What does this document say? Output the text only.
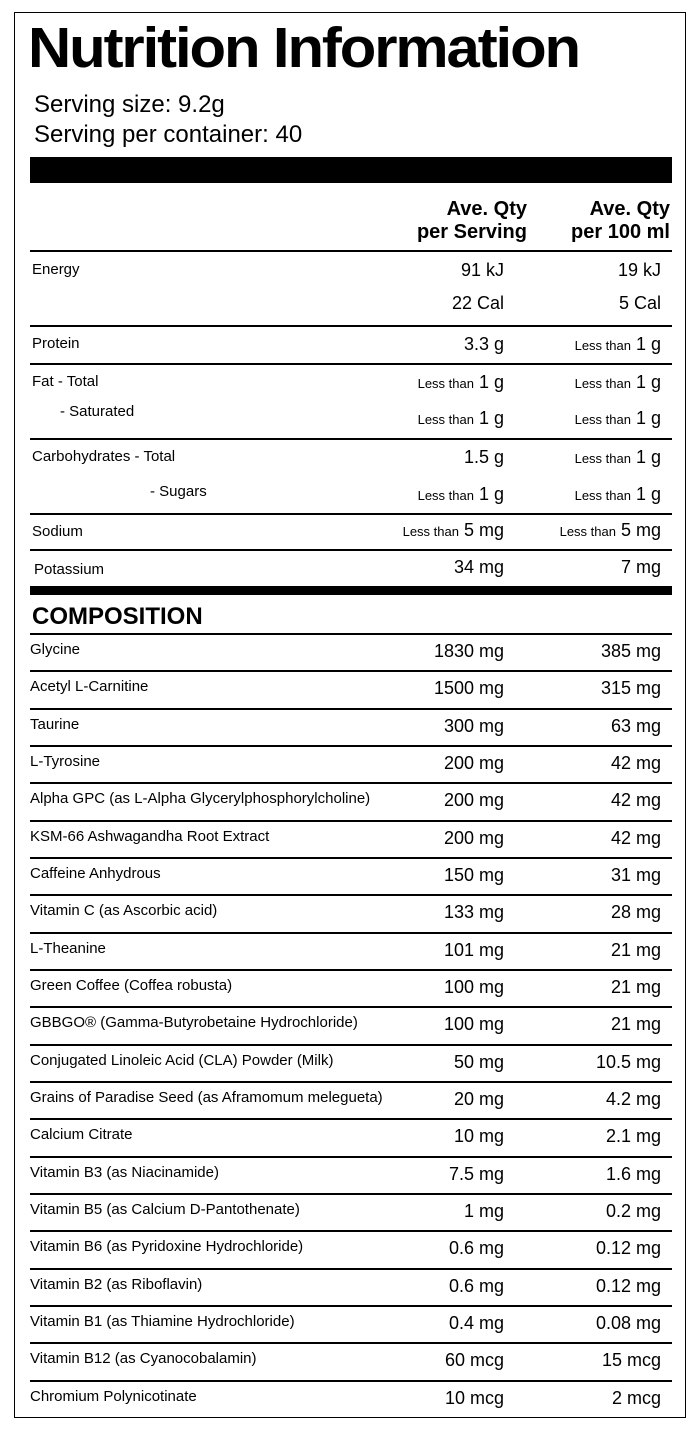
Nutrition Information
Serving size: 9.2g
Serving per container: 40
Ave. Qty
per Serving
Ave. Qty
per 100 ml
Energy	91 kJ	19 kJ
22 Cal	5 Cal
Protein	3.3 g	Less than 1 g
Fat - Total	Less than 1 g	Less than 1 g
- Saturated	Less than 1 g	Less than 1 g
Carbohydrates - Total	1.5 g	Less than 1 g
- Sugars	Less than 1 g	Less than 1 g
Sodium	Less than 5 mg	Less than 5 mg
Potassium	34 mg	7 mg
COMPOSITION
Glycine	1830 mg	385 mg
Acetyl L-Carnitine	1500 mg	315 mg
Taurine	300 mg	63 mg
L-Tyrosine	200 mg	42 mg
Alpha GPC (as L-Alpha Glycerylphosphorylcholine)	200 mg	42 mg
KSM-66 Ashwagandha Root Extract	200 mg	42 mg
Caffeine Anhydrous	150 mg	31 mg
Vitamin C (as Ascorbic acid)	133 mg	28 mg
L-Theanine	101 mg	21 mg
Green Coffee (Coffea robusta)	100 mg	21 mg
GBBGO® (Gamma-Butyrobetaine Hydrochloride)	100 mg	21 mg
Conjugated Linoleic Acid (CLA) Powder (Milk)	50 mg	10.5 mg
Grains of Paradise Seed (as Aframomum melegueta)	20 mg	4.2 mg
Calcium Citrate	10 mg	2.1 mg
Vitamin B3 (as Niacinamide)	7.5 mg	1.6 mg
Vitamin B5 (as Calcium D-Pantothenate)	1 mg	0.2 mg
Vitamin B6 (as Pyridoxine Hydrochloride)	0.6 mg	0.12 mg
Vitamin B2 (as Riboflavin)	0.6 mg	0.12 mg
Vitamin B1 (as Thiamine Hydrochloride)	0.4 mg	0.08 mg
Vitamin B12 (as Cyanocobalamin)	60 mcg	15 mcg
Chromium Polynicotinate	10 mcg	2 mcg
